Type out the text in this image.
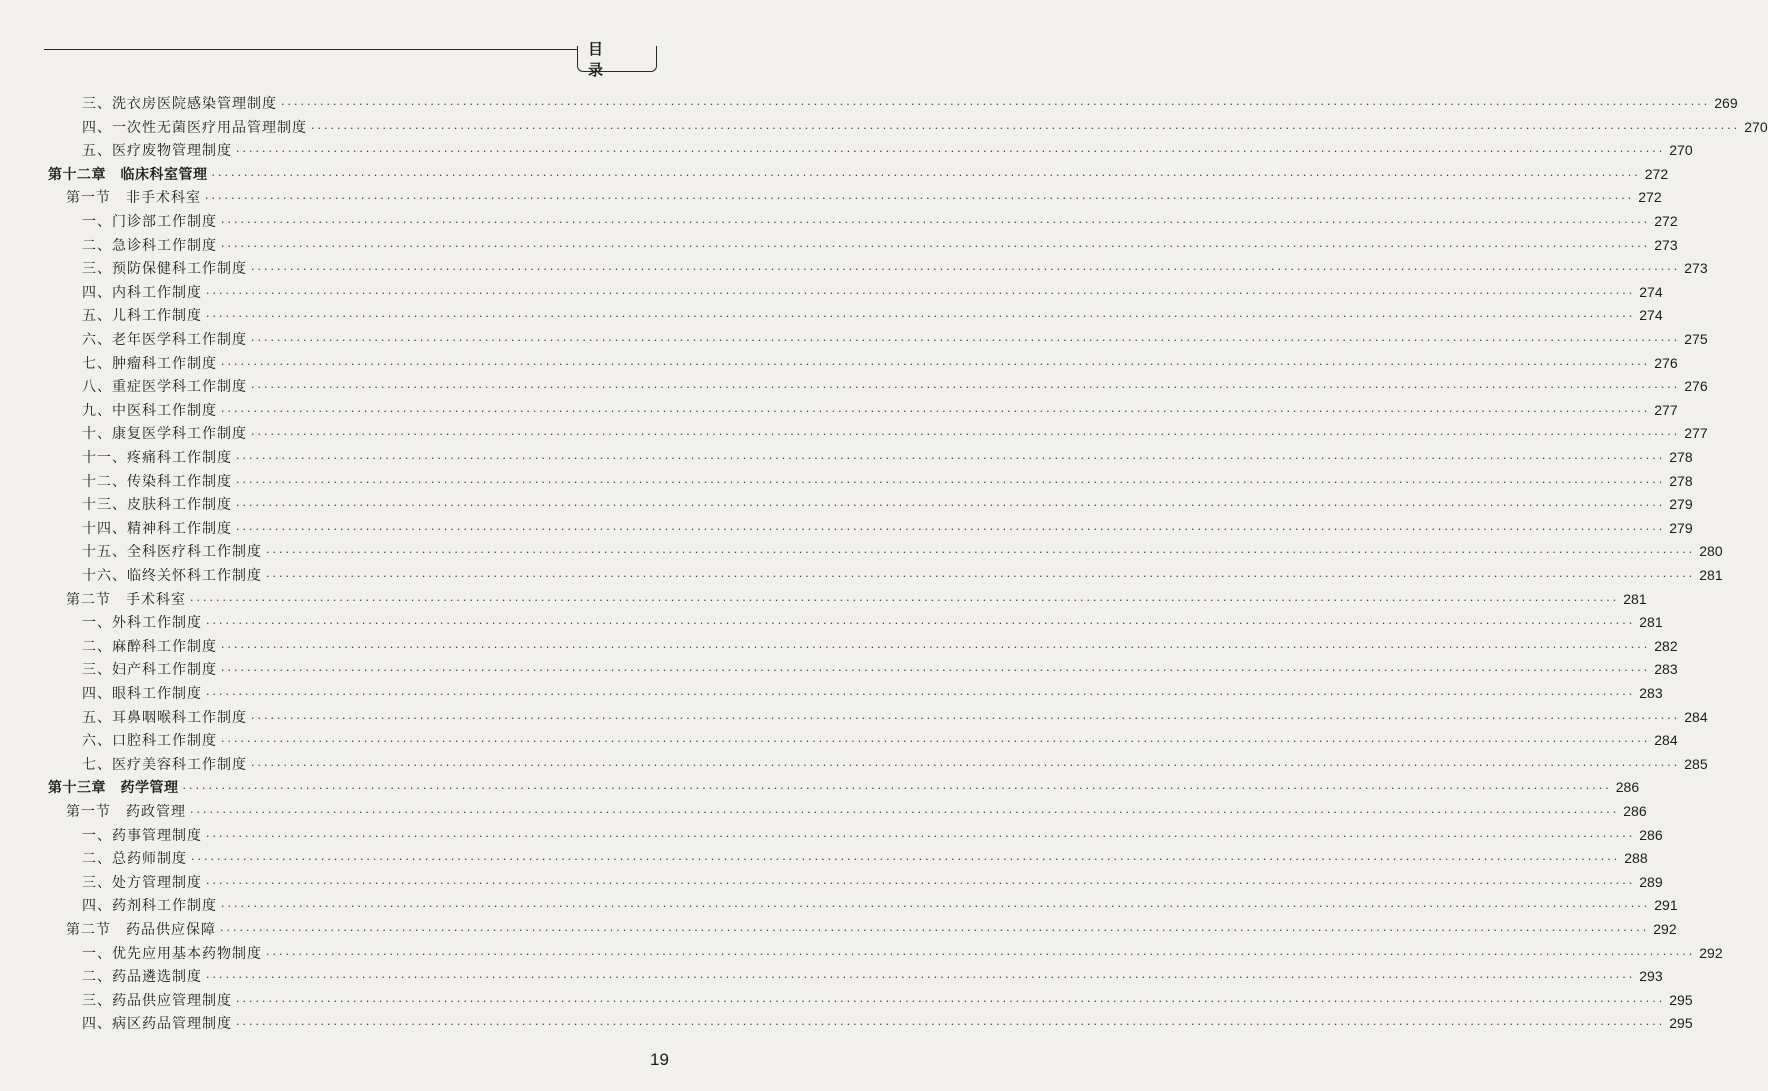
目 录
三、洗衣房医院感染管理制度 ···························································································································································································································· 269
四、一次性无菌医疗用品管理制度 ···························································································································································································································· 270
五、医疗废物管理制度 ···························································································································································································································· 270
第十二章　临床科室管理 ···························································································································································································································· 272
第一节　非手术科室 ···························································································································································································································· 272
一、门诊部工作制度 ···························································································································································································································· 272
二、急诊科工作制度 ···························································································································································································································· 273
三、预防保健科工作制度 ···························································································································································································································· 273
四、内科工作制度 ···························································································································································································································· 274
五、儿科工作制度 ···························································································································································································································· 274
六、老年医学科工作制度 ···························································································································································································································· 275
七、肿瘤科工作制度 ···························································································································································································································· 276
八、重症医学科工作制度 ···························································································································································································································· 276
九、中医科工作制度 ···························································································································································································································· 277
十、康复医学科工作制度 ···························································································································································································································· 277
十一、疼痛科工作制度 ···························································································································································································································· 278
十二、传染科工作制度 ···························································································································································································································· 278
十三、皮肤科工作制度 ···························································································································································································································· 279
十四、精神科工作制度 ···························································································································································································································· 279
十五、全科医疗科工作制度 ···························································································································································································································· 280
十六、临终关怀科工作制度 ···························································································································································································································· 281
第二节　手术科室 ···························································································································································································································· 281
一、外科工作制度 ···························································································································································································································· 281
二、麻醉科工作制度 ···························································································································································································································· 282
三、妇产科工作制度 ···························································································································································································································· 283
四、眼科工作制度 ···························································································································································································································· 283
五、耳鼻咽喉科工作制度 ···························································································································································································································· 284
六、口腔科工作制度 ···························································································································································································································· 284
七、医疗美容科工作制度 ···························································································································································································································· 285
第十三章　药学管理 ···························································································································································································································· 286
第一节　药政管理 ···························································································································································································································· 286
一、药事管理制度 ···························································································································································································································· 286
二、总药师制度 ···························································································································································································································· 288
三、处方管理制度 ···························································································································································································································· 289
四、药剂科工作制度 ···························································································································································································································· 291
第二节　药品供应保障 ···························································································································································································································· 292
一、优先应用基本药物制度 ···························································································································································································································· 292
二、药品遴选制度 ···························································································································································································································· 293
三、药品供应管理制度 ···························································································································································································································· 295
四、病区药品管理制度 ···························································································································································································································· 295
19
